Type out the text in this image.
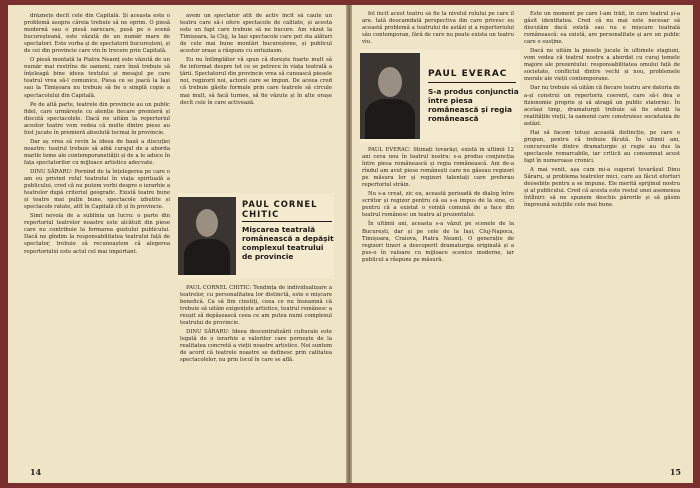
drăznețe decît cele din Capitală. Și aceasta este o problemă asupra căreia trebuie să ne oprim. O piesă modernă sau o piesă oarecare, pusă pe o scenă bucureșteană, este văzută de un număr mare de spectatori. Este vorba și de spectatorii bucureșteni, și de cei din provincie care vin în trecere prin Capitală.

O piesă montată la Piatra Neamț este văzută de un număr mai restrîns de oameni, care însă trebuie să înțeleagă bine ideea textului și mesajul pe care teatrul vrea să-l comunice. Piesa ce se joacă la Iași sau la Timișoara nu trebuie să fie o simplă copie a spectacolului din Capitală.

Pe de altă parte, teatrele din provincie au un public fidel, care urmărește cu atenție fiecare premieră și discută spectacolele. Dacă ne uităm la repertoriul acestor teatre vom vedea că multe dintre piese au fost jucate în premieră absolută tocmai în provincie.

Dar aș vrea să revin la ideea de bază a discuției noastre: teatrul trebuie să aibă curajul de a aborda marile teme ale contemporaneității și de a le aduce în fața spectatorilor cu mijloace artistice adecvate.

DINU SĂRARU: Pornind de la înțelegerea pe care o am eu privind rolul teatrului în viața spirituală a publicului, cred că nu putem vorbi despre o ierarhie a teatrelor după criteriul geografic. Există teatre bune și teatre mai puțin bune, spectacole izbutite și spectacole ratate, atît în Capitală cît și în provincie.

Simt nevoia de a sublinia un lucru: o parte din repertoriul teatrelor noastre este alcătuit din piese care nu contribuie la formarea gustului publicului. Dacă ne gîndim la responsabilitatea teatrului față de spectator, trebuie să recunoaștem că alegerea repertoriului este actul cel mai important.

avem un spectator atît de activ încît să caute un teatru care să-i ofere spectacole de calitate, și acesta este un fapt care trebuie să ne bucure. Am văzut la Timișoara, la Cluj, la Iași spectacole care pot sta alături de cele mai bune montări bucureștene, și publicul acestor orașe a răspuns cu entuziasm.

Eu nu întîmplător vă spun că dorește foarte mult să fie informat despre tot ce se petrece în viața teatrală a țării. Spectatorul din provincie vrea să cunoască piesele noi, regizorii noi, actorii care se impun. De aceea cred că trebuie găsite formule prin care teatrele să circule mai mult, să facă turnee, să fie văzute și în alte orașe decît cele în care activează.

PAUL CORNEL CHITIC
Mișcarea teatrală românească a depășit complexul teatrului de provincie

PAUL CORNEL CHITIC: Tendința de individualizare a teatrelor, cu personalitatea lor distinctă, este o mișcare benefică. Ca să fim cinstiți, ceea ce nu înseamnă că trebuie să uităm exigențele artistice, teatrul românesc a reușit să depășească ceea ce am putea numi complexul teatrului de provincie.

DINU SĂRARU: Ideea descentralizării culturale este legată de o ierarhie a valorilor care pornește de la realitatea concretă a vieții noastre artistice. Noi suntem de acord că teatrele noastre se definesc prin calitatea spectacolelor, nu prin locul în care se află.

14

fel încît acest teatru să fie la nivelul rolului pe care îl are. Iată deocamdată perspectiva din care privesc eu această problemă a teatrului de astăzi și a repertoriului său contemporan, fără de care nu poate exista un teatru viu.

PAUL EVERAC
S-a produs conjunctia între piesa românească și regia românească

PAUL EVERAC: Stimați tovarăși, există în ultimii 12 ani ceva nou în teatrul nostru: s-a produs conjuncția între piesa românească și regia românească. Ani de-a rîndul am avut piese românești care nu găseau regizori pe măsura lor și regizori talentați care preferau repertoriul străin.

Nu s-a creat, zic eu, această perioadă de dialog între scriitor și regizor pentru că ea s-a impus de la sine, ci pentru că a existat o voință comună de a face din teatrul românesc un teatru al prezentului.

În ultimii ani, aceasta s-a văzut pe scenele de la București, dar și pe cele de la Iași, Cluj-Napoca, Timișoara, Craiova, Piatra Neamț. O generație de regizori tineri a descoperit dramaturgia originală și a pus-o în valoare cu mijloace scenice moderne, iar publicul a răspuns pe măsură.

Este un moment pe care l-am trăit, în care teatrul și-a găsit identitatea. Cred că nu mai este necesar să discutăm dacă există sau nu o mișcare teatrală românească: ea există, are personalitate și are un public care o susține.

Dacă ne uităm la piesele jucate în ultimele stagiuni, vom vedea că teatrul nostru a abordat cu curaj temele majore ale prezentului: responsabilitatea omului față de societate, conflictul dintre vechi și nou, problemele morale ale vieții contemporane.

Dar nu trebuie să uităm că fiecare teatru are datoria de a-și construi un repertoriu coerent, care să-i dea o fizionomie proprie și să atragă un public statornic. În același timp, dramaturgii trebuie să fie atenți la realitățile vieții, la oamenii care construiesc societatea de astăzi.

Hai să facem totuși această distincție, pe care o propun, pentru că trebuie făcută. În ultimii ani, concursurile dintre dramaturgie și regie au dus la spectacole remarcabile, iar criticii au consemnat acest fapt în numeroase cronici.

A mai venit, așa cum mi-a sugerat tovarășul Dinu Săraru, și problema teatrelor mici, care au făcut eforturi deosebite pentru a se impune. Ele merită sprijinul nostru și al publicului. Cred că acesta este rostul unei asemenea întîlniri: să ne spunem deschis părerile și să găsim împreună soluțiile cele mai bune.

15
